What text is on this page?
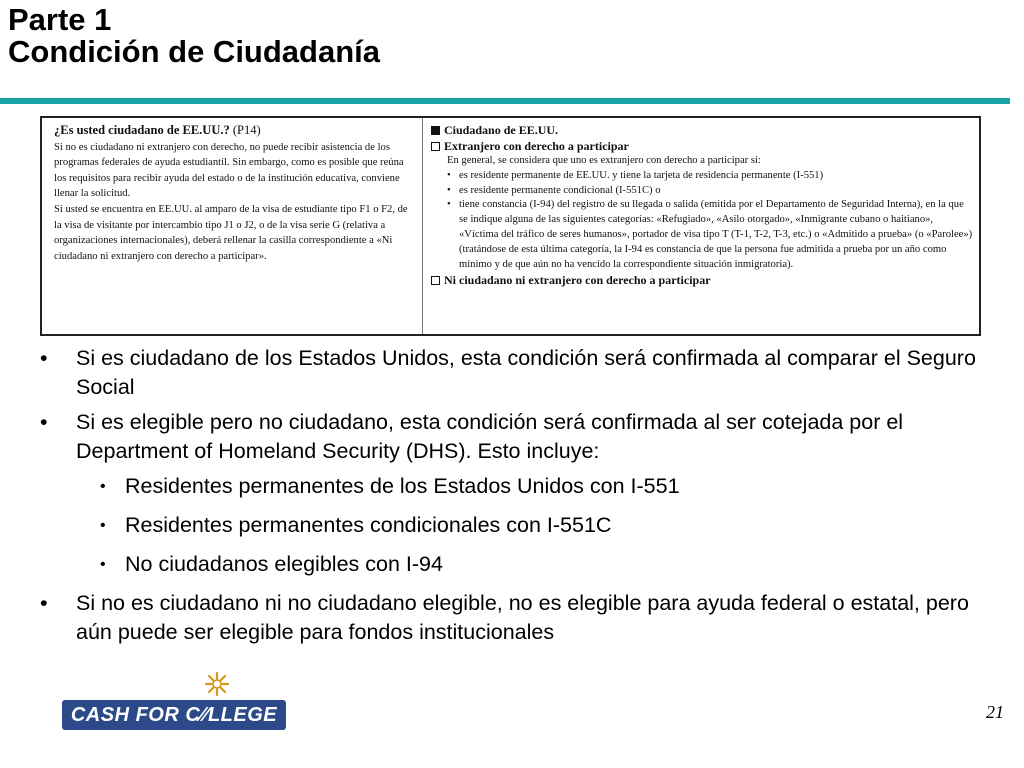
Parte 1
Condición de Ciudadanía
¿Es usted ciudadano de EE.UU.? (P14)
Si no es ciudadano ni extranjero con derecho, no puede recibir asistencia de los programas federales de ayuda estudiantil. Sin embargo, como es posible que reúna los requisitos para recibir ayuda del estado o de la institución educativa, conviene llenar la solicitud.
Si usted se encuentra en EE.UU. al amparo de la visa de estudiante tipo F1 o F2, de la visa de visitante por intercambio tipo J1 o J2, o de la visa serie G (relativa a organizaciones internacionales), deberá rellenar la casilla correspondiente a «Ni ciudadano ni extranjero con derecho a participar».
Ciudadano de EE.UU.
Extranjero con derecho a participar
En general, se considera que uno es extranjero con derecho a participar si:
• es residente permanente de EE.UU. y tiene la tarjeta de residencia permanente (I-551)
• es residente permanente condicional (I-551C) o
• tiene constancia (I-94) del registro de su llegada o salida (emitida por el Departamento de Seguridad Interna), en la que se indique alguna de las siguientes categorías: «Refugiado», «Asilo otorgado», «Inmigrante cubano o haitiano», «Víctima del tráfico de seres humanos», portador de visa tipo T (T-1, T-2, T-3, etc.) o «Admitido a prueba» (o «Parolee») (tratándose de esta última categoría, la I-94 es constancia de que la persona fue admitida a prueba por un año como mínimo y de que aún no ha vencido la correspondiente situación inmigratoria).
Ni ciudadano ni extranjero con derecho a participar
• Si es ciudadano de los Estados Unidos, esta condición será confirmada al comparar el Seguro Social
• Si es elegible pero no ciudadano, esta condición será confirmada al ser cotejada por el Department of Homeland Security (DHS). Esto incluye:
• Residentes permanentes de los Estados Unidos con I-551
• Residentes permanentes condicionales con I-551C
• No ciudadanos elegibles con I-94
• Si no es ciudadano ni no ciudadano elegible, no es elegible para ayuda federal o estatal, pero aún puede ser elegible para fondos institucionales
CASH FOR C⁄⁄LLEGE	21
